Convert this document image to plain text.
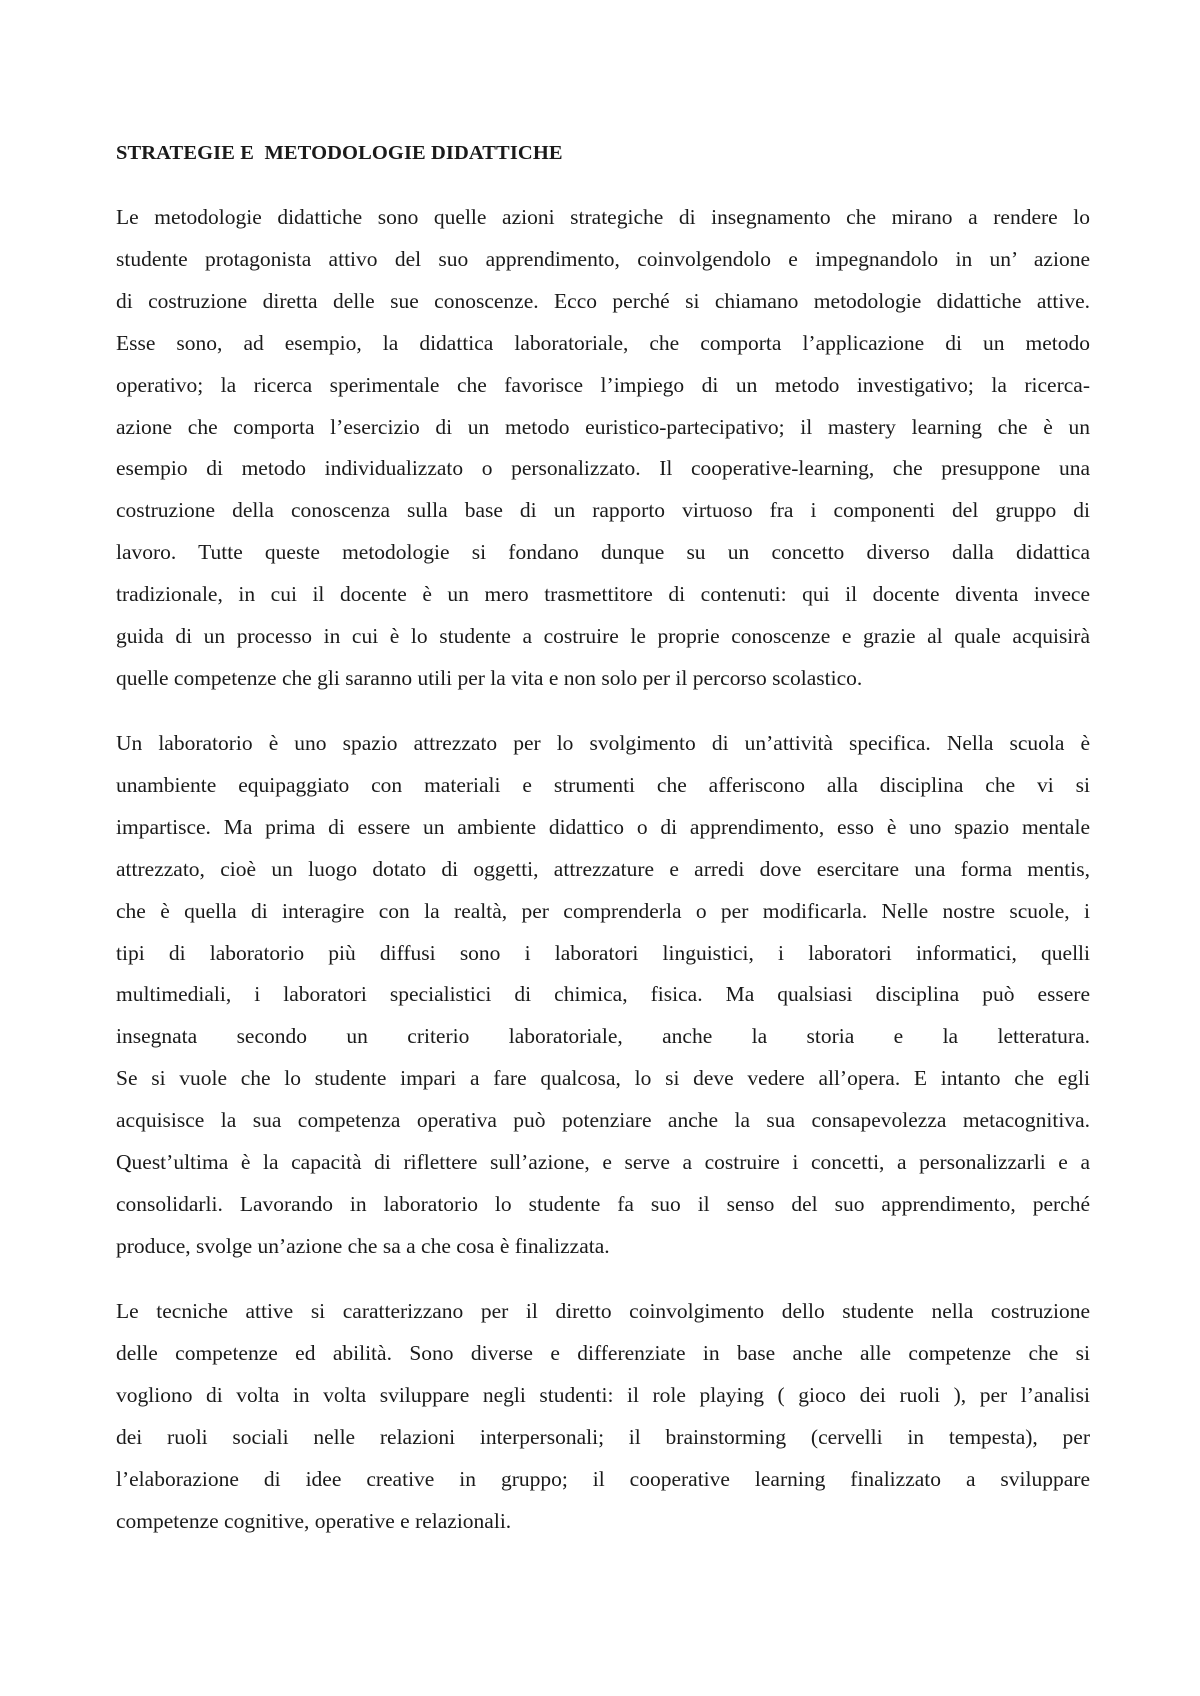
STRATEGIE E  METODOLOGIE DIDATTICHE
Le metodologie didattiche sono quelle azioni strategiche di insegnamento che mirano a rendere lo
studente protagonista attivo del suo apprendimento, coinvolgendolo e impegnandolo in un’ azione
di costruzione diretta delle sue conoscenze. Ecco perché si chiamano metodologie didattiche attive.
Esse sono, ad esempio, la didattica laboratoriale, che comporta l’applicazione di un metodo
operativo; la ricerca sperimentale che favorisce l’impiego di un metodo investigativo; la ricerca-
azione che comporta l’esercizio di un metodo euristico-partecipativo; il mastery learning che è un
esempio di metodo individualizzato o personalizzato. Il cooperative-learning, che presuppone una
costruzione della conoscenza sulla base di un rapporto virtuoso fra i componenti del gruppo di
lavoro. Tutte queste metodologie si fondano dunque su un concetto diverso dalla didattica
tradizionale, in cui il docente è un mero trasmettitore di contenuti: qui il docente diventa invece
guida di un processo in cui è lo studente a costruire le proprie conoscenze e grazie al quale acquisirà
quelle competenze che gli saranno utili per la vita e non solo per il percorso scolastico.
Un laboratorio è uno spazio attrezzato per lo svolgimento di un’attività specifica. Nella scuola è
unambiente equipaggiato con materiali e strumenti che afferiscono alla disciplina che vi si
impartisce. Ma prima di essere un ambiente didattico o di apprendimento, esso è uno spazio mentale
attrezzato, cioè un luogo dotato di oggetti, attrezzature e arredi dove esercitare una forma mentis,
che è quella di interagire con la realtà, per comprenderla o per modificarla. Nelle nostre scuole, i
tipi di laboratorio più diffusi sono i laboratori linguistici, i laboratori informatici, quelli
multimediali, i laboratori specialistici di chimica, fisica. Ma qualsiasi disciplina può essere
insegnata secondo un criterio laboratoriale, anche la storia e la letteratura.
Se si vuole che lo studente impari a fare qualcosa, lo si deve vedere all’opera. E intanto che egli
acquisisce la sua competenza operativa può potenziare anche la sua consapevolezza metacognitiva.
Quest’ultima è la capacità di riflettere sull’azione, e serve a costruire i concetti, a personalizzarli e a
consolidarli. Lavorando in laboratorio lo studente fa suo il senso del suo apprendimento, perché
produce, svolge un’azione che sa a che cosa è finalizzata.
Le tecniche attive si caratterizzano per il diretto coinvolgimento dello studente nella costruzione
delle competenze ed abilità. Sono diverse e differenziate in base anche alle competenze che si
vogliono di volta in volta sviluppare negli studenti: il role playing ( gioco dei ruoli ), per l’analisi
dei ruoli sociali nelle relazioni interpersonali; il brainstorming (cervelli in tempesta), per
l’elaborazione di idee creative in gruppo; il cooperative learning finalizzato a sviluppare
competenze cognitive, operative e relazionali.
